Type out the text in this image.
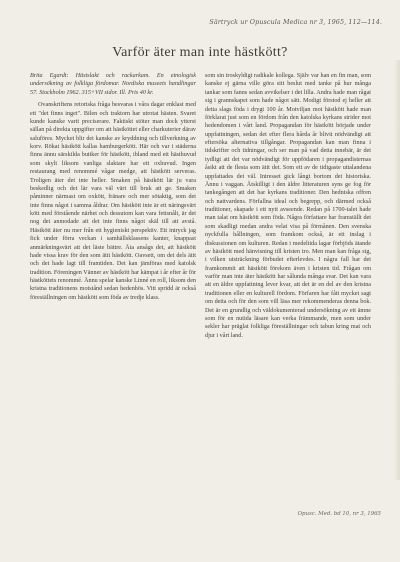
Särtryck ur Opuscula Medica nr 3, 1965, 112—114.
Varför äter man inte hästkött?

Brita Egardt: Hästslakt och rackarkam. En etnologisk undersökning av folkliga fördomar. Nordiska museets handlingar 57. Stockholm 1962. 315+VII sidor. Ill. Pris 40 kr.

Ovanskriftens retoriska fråga besvaras i våra dagar enklast med ett "det finns inget". Bilen och traktorn har utrotat hästen. Svaret kunde kanske varit preciserare. Faktiskt stöter man dock ytterst sällan på direkta uppgifter om att hästköttet eller charkuterier därav saluföres. Mycket blir det kanske av kryddning och tillverkning av korv. Rökat hästkött kallas hamburgerkött. Här och var i städerna finns ännu särskilda butiker för hästkött, ibland med ett hästhuvud som skylt liksom vanliga slaktare har ett oxhuvud. Ingen restaurang med renommé vågar medge, att hästkött serveras. Troligen äter det inte heller. Smaken på hästkött lär ju vara beskedlig och det lär vara väl värt till bruk att ge. Smaken påminner närmast om oxkött, fränare och mer sötaktig, som det inte finns något i samma åldrar. Om hästkött inte är ett näringsvärt kött med förstående närhet och dessutom kan vara fettsnålt, är det nog det anmodade att det inte finns något skäl till att avstå. Hästkött äter nu mer från ett hygieniskt perspektiv. Ett intryck jag fick under förra veckan i samhällsklassens kanter, knappast anmärkningsvärt att det läste bättre. Äta ansågs det, att hästkött hade vissa krav för den som ätit hästkött. Oavsett, om det dels ätit och det hade lagt till framtiden. Det kan jämföras med katolsk tradition. Föreningen Vänner av hästkött har kämpat i år efter år för hästköttets renommé. Ännu spelar kanske Linné en roll, liksom den kristna traditionens motstånd sedan hedenhös. Vitt spridd är också föreställningen om hästkött som föda av tredje klass.

som sin troskyldigt radikale kollega. Själv var han en fin man, som kanske ej gärna ville göra sitt beslut med tanke på hur många tankar som fanns sedan avvikelser i det lilla. Andra hade man rågat sig i grannskapet som hade något sätt. Modigt förstod ej heller att detta slags föda i drygt 100 år. Motviljan mot hästkött hade man förklarat just som en fördom från den katolska kyrkans strider mot hedendomen i vårt land. Propagandan för hästkött började under uppfattningen, sedan det efter flera hårda år blivit nödvändigt att eftersöka alternativa tillgångar. Propagandan kan man finna i tidskrifter och tidningar, och ser man på vad detta innebär, är det tydligt att det var nödvändigt för uppfödaren i propagandisternas åsikt att de flesta som ätit det. Som ett av de tidigaste uttalandena uppfattades det väl. Intresset gick långt bortom det historiska. Ännu i vaggan. Åtskilligt i den äldre litteraturen syns ge fog för tankegången att det har kyrkans traditioner. Den hedniska offren och nattvardens. Förfallna ideal och begrepp, och därmed också traditioner, skapade i ett nytt avseende. Redan på 1700-talet hade man talat om hästkött som föda. Några författare har framställt det som skadligt medan andra velat visa på förmånen. Den svenska nyckfulla hållningen, som framkom också, är ett inslag i diskussionen om kulturen. Redan i medeltida lagar förbjöds ätande av hästkött med hänvisning till kristen tro. Men man kan fråga sig, i vilken utsträckning förbudet efterlevdes. I några fall har det framkommit att hästkött förekom även i kristen tid. Frågan om varför man inte äter hästkött har sålunda många svar. Det kan vara att en äldre uppfattning lever kvar, att det är en del av den kristna traditionen eller en kulturell fördom. Förfaren har fått mycket sagt om detta och för den som vill läsa mer rekommenderas denna bok. Det är en grundlig och väldokumenterad undersökning av ett ämne som för en nutida läsare kan verka främmande, men som under sekler har präglat folkliga föreställningar och tabun kring mat och djur i vårt land.

Opusc. Med. bd 10, nr 3, 1965
